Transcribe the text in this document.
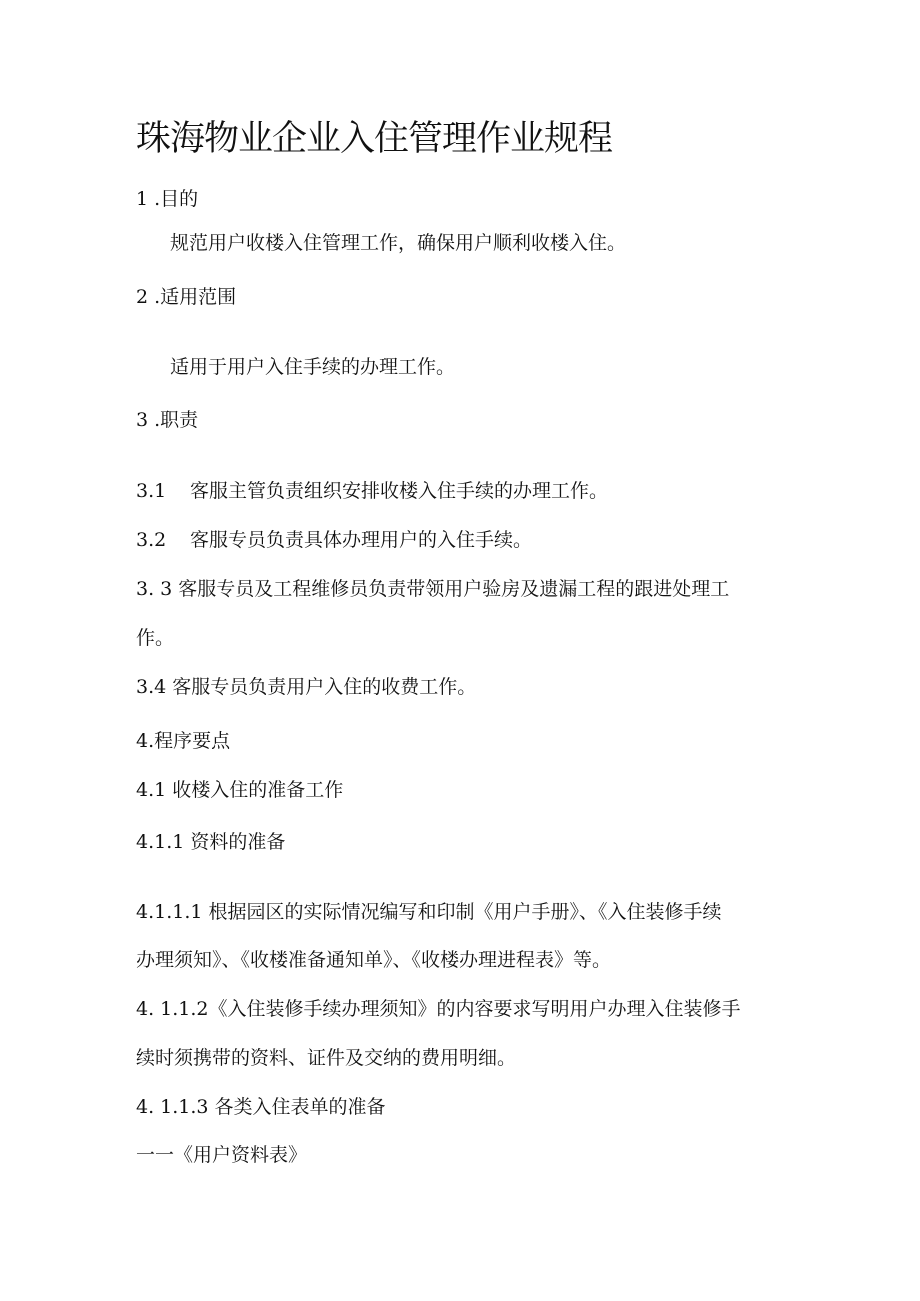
珠海物业企业入住管理作业规程
1 .目的
规范用户收楼入住管理工作，确保用户顺利收楼入住。
2 .适用范围
适用于用户入住手续的办理工作。
3 .职责
3.1 客服主管负责组织安排收楼入住手续的办理工作。
3.2 客服专员负责具体办理用户的入住手续。
3. 3 客服专员及工程维修员负责带领用户验房及遗漏工程的跟进处理工
作。
3.4 客服专员负责用户入住的收费工作。
4.程序要点
4.1 收楼入住的准备工作
4.1.1 资料的准备
4.1.1.1 根据园区的实际情况编写和印制《用户手册》、《入住装修手续
办理须知》、《收楼准备通知单》、《收楼办理进程表》等。
4. 1.1.2《入住装修手续办理须知》的内容要求写明用户办理入住装修手
续时须携带的资料、证件及交纳的费用明细。
4. 1.1.3 各类入住表单的准备
一一《用户资料表》
